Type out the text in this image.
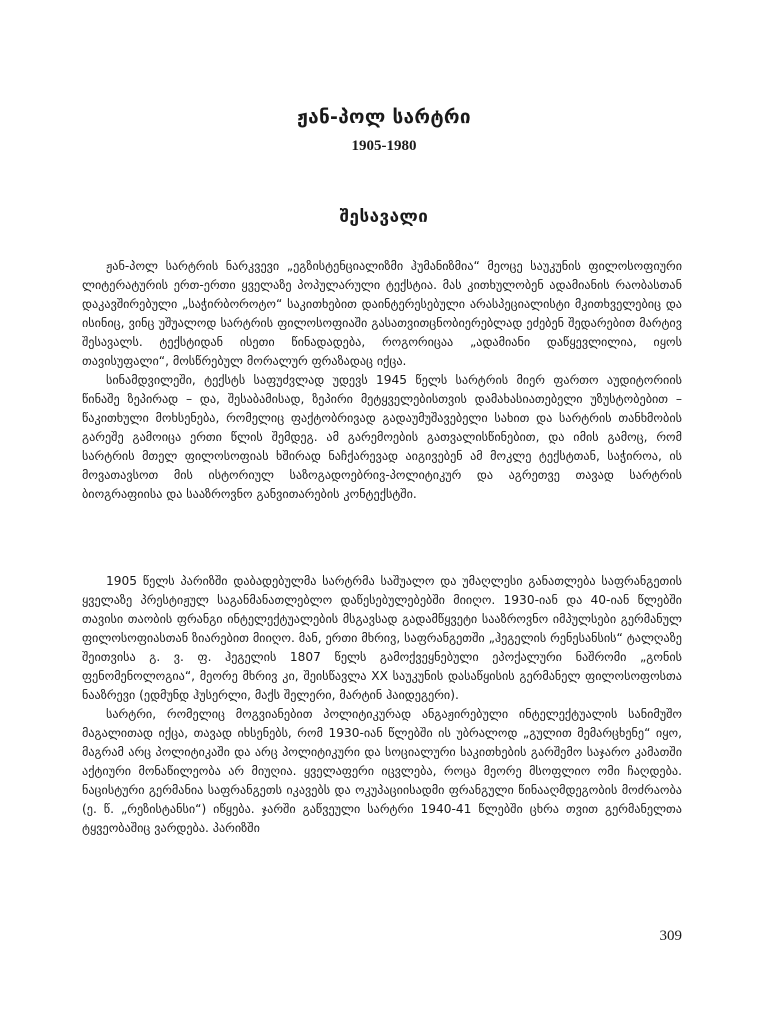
ჟან-პოლ სარტრი
1905-1980
შესავალი

ჟან-პოლ სარტრის ნარკვევი „ეგზისტენციალიზმი ჰუმანიზმია“ მეოცე საუკუნის ფილოსოფიური ლიტერატურის ერთ-ერთი ყველაზე პოპულარული ტექსტია. მას კითხულობენ ადამიანის რაობასთან დაკავშირებული „საჭირბოროტო“ საკითხებით დაინტერესებული არასპეციალისტი მკითხველებიც და ისინიც, ვინც უშუალოდ სარტრის ფილოსოფიაში გასათვითცნობიერებლად ეძებენ შედარებით მარტივ შესავალს. ტექსტიდან ისეთი წინადადება, როგორიცაა „ადამიანი დაწყევლილია, იყოს თავისუფალი“, მოსწრებულ მორალურ ფრაზადაც იქცა.

სინამდვილეში, ტექსტს საფუძვლად უდევს 1945 წელს სარტრის მიერ ფართო აუდიტორიის წინაშე ზეპირად – და, შესაბამისად, ზეპირი მეტყველებისთვის დამახასიათებელი უზუსტობებით – წაკითხული მოხსენება, რომელიც ფაქტობრივად გადაუმუშავებელი სახით და სარტრის თანხმობის გარეშე გამოიცა ერთი წლის შემდეგ. ამ გარემოების გათვალისწინებით, და იმის გამოც, რომ სარტრის მთელ ფილოსოფიას ხშირად ნაჩქარევად აიგივებენ ამ მოკლე ტექსტთან, საჭიროა, ის მოვათავსოთ მის ისტორიულ საზოგადოებრივ-პოლიტიკურ და აგრეთვე თავად სარტრის ბიოგრაფიისა და სააზროვნო განვითარების კონტექსტში.

1905 წელს პარიზში დაბადებულმა სარტრმა საშუალო და უმაღლესი განათლება საფრანგეთის ყველაზე პრესტიჟულ საგანმანათლებლო დაწესებულებებში მიიღო. 1930-იან და 40-იან წლებში თავისი თაობის ფრანგი ინტელექტუალების მსგავსად გადამწყვეტი სააზროვნო იმპულსები გერმანულ ფილოსოფიასთან ზიარებით მიიღო. მან, ერთი მხრივ, საფრანგეთში „ჰეგელის რენესანსის“ ტალღაზე შეითვისა გ. ვ. ფ. ჰეგელის 1807 წელს გამოქვეყნებული ეპოქალური ნაშრომი „გონის ფენომენოლოგია“, მეორე მხრივ კი, შეისწავლა XX საუკუნის დასაწყისის გერმანელ ფილოსოფოსთა ნააზრევი (ედმუნდ ჰუსერლი, მაქს შელერი, მარტინ ჰაიდეგერი).

სარტრი, რომელიც მოგვიანებით პოლიტიკურად ანგაჟირებული ინტელექტუალის სანიმუშო მაგალითად იქცა, თავად იხსენებს, რომ 1930-იან წლებში ის უბრალოდ „გულით მემარცხენე“ იყო, მაგრამ არც პოლიტიკაში და არც პოლიტიკური და სოციალური საკითხების გარშემო საჯარო კამათში აქტიური მონაწილეობა არ მიუღია. ყველაფერი იცვლება, როცა მეორე მსოფლიო ომი ჩაღდება. ნაცისტური გერმანია საფრანგეთს იკავებს და ოკუპაციისადმი ფრანგული წინააღმდეგობის მოძრაობა (ე. წ. „რეზისტანსი“) იწყება. ჯარში გაწვეული სარტრი 1940-41 წლებში ცხრა თვით გერმანელთა ტყვეობაშიც ვარდება. პარიზში

309
